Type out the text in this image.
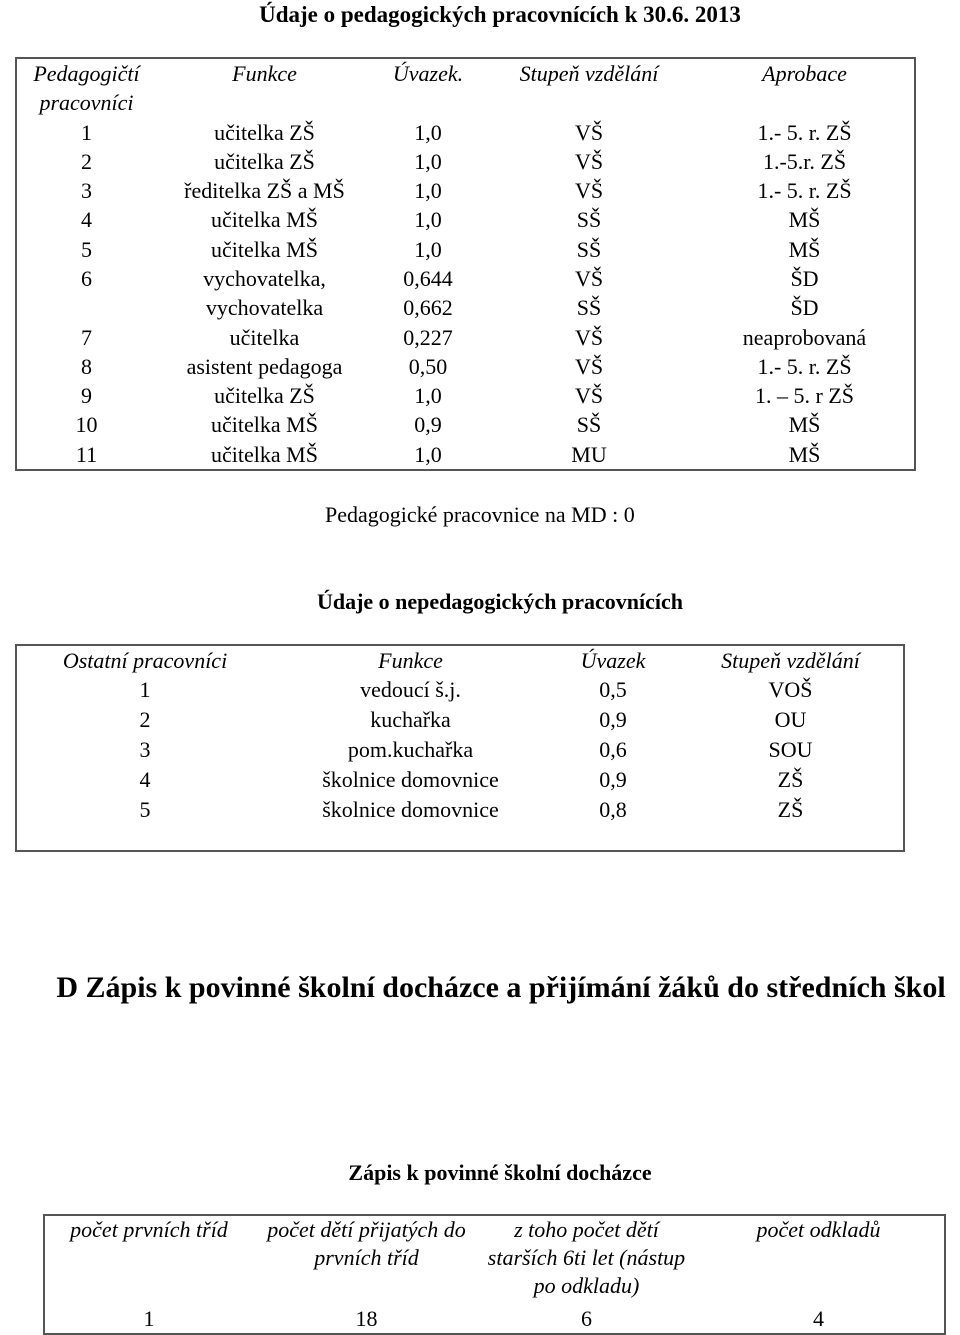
Údaje o pedagogických pracovnících k 30.6. 2013
Pedagogičtí pracovníci	Funkce	Úvazek.	Stupeň vzdělání	Aprobace
1	učitelka ZŠ	1,0	VŠ	1.- 5. r. ZŠ
2	učitelka ZŠ	1,0	VŠ	1.-5.r. ZŠ
3	ředitelka ZŠ a MŠ	1,0	VŠ	1.- 5. r. ZŠ
4	učitelka MŠ	1,0	SŠ	MŠ
5	učitelka MŠ	1,0	SŠ	MŠ
6	vychovatelka,	0,644	VŠ	ŠD
	vychovatelka	0,662	SŠ	ŠD
7	učitelka	0,227	VŠ	neaprobovaná
8	asistent pedagoga	0,50	VŠ	1.- 5. r. ZŠ
9	učitelka ZŠ	1,0	VŠ	1. – 5. r ZŠ
10	učitelka MŠ	0,9	SŠ	MŠ
11	učitelka MŠ	1,0	MU	MŠ
Pedagogické pracovnice na MD : 0
Údaje o nepedagogických pracovnících
Ostatní pracovníci	Funkce	Úvazek	Stupeň vzdělání
1	vedoucí š.j.	0,5	VOŠ
2	kuchařka	0,9	OU
3	pom.kuchařka	0,6	SOU
4	školnice domovnice	0,9	ZŠ
5	školnice domovnice	0,8	ZŠ

D Zápis k povinné školní docházce a přijímání žáků do středních škol
Zápis k povinné školní docházce
počet prvních tříd	počet dětí přijatých do prvních tříd	z toho počet dětí starších 6ti let (nástup po odkladu)	počet odkladů
1	18	6	4
